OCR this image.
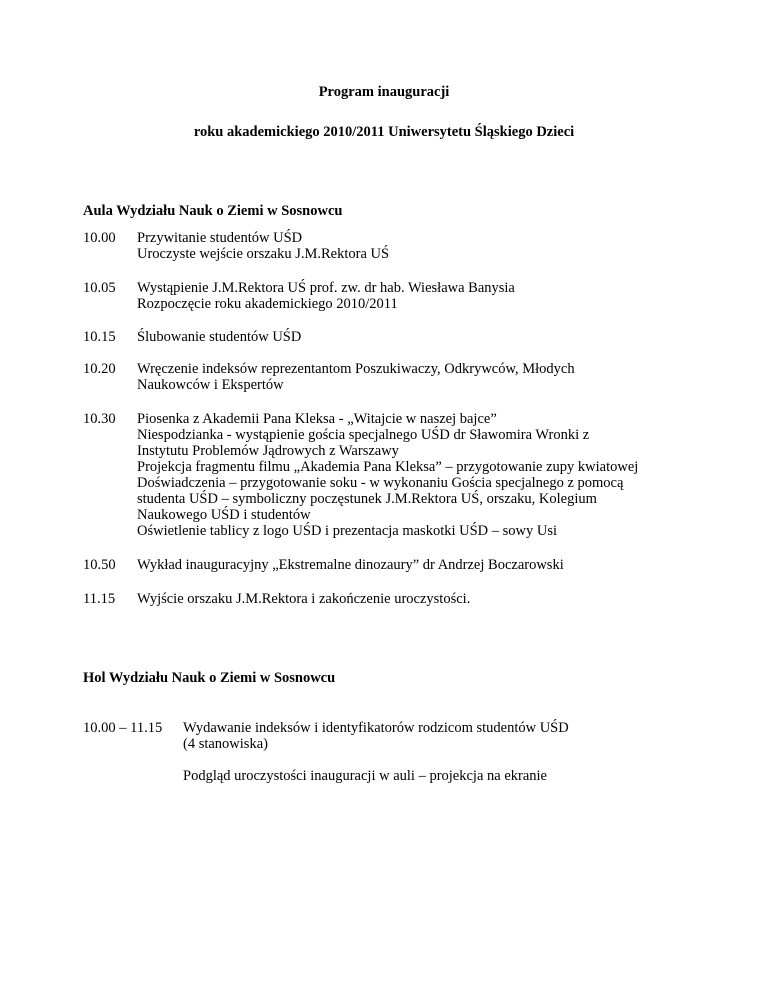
Program inauguracji
roku akademickiego 2010/2011 Uniwersytetu Śląskiego Dzieci
Aula Wydziału Nauk o Ziemi w Sosnowcu
10.00 Przywitanie studentów UŚD
Uroczyste wejście orszaku J.M.Rektora UŚ
10.05 Wystąpienie J.M.Rektora UŚ prof. zw. dr hab. Wiesława Banysia
Rozpoczęcie roku akademickiego 2010/2011
10.15 Ślubowanie studentów UŚD
10.20 Wręczenie indeksów reprezentantom Poszukiwaczy, Odkrywców, Młodych
Naukowców i Ekspertów
10.30 Piosenka z Akademii Pana Kleksa - „Witajcie w naszej bajce”
Niespodzianka - wystąpienie gościa specjalnego UŚD dr Sławomira Wronki z
Instytutu Problemów Jądrowych z Warszawy
Projekcja fragmentu filmu „Akademia Pana Kleksa” – przygotowanie zupy kwiatowej
Doświadczenia – przygotowanie soku - w wykonaniu Gościa specjalnego z pomocą
studenta UŚD – symboliczny poczęstunek J.M.Rektora UŚ, orszaku, Kolegium
Naukowego UŚD i studentów
Oświetlenie tablicy z logo UŚD i prezentacja maskotki UŚD – sowy Usi
10.50 Wykład inauguracyjny „Ekstremalne dinozaury” dr Andrzej Boczarowski
11.15 Wyjście orszaku J.M.Rektora i zakończenie uroczystości.
Hol Wydziału Nauk o Ziemi w Sosnowcu
10.00 – 11.15 Wydawanie indeksów i identyfikatorów rodzicom studentów UŚD
(4 stanowiska)
Podgląd uroczystości inauguracji w auli – projekcja na ekranie
